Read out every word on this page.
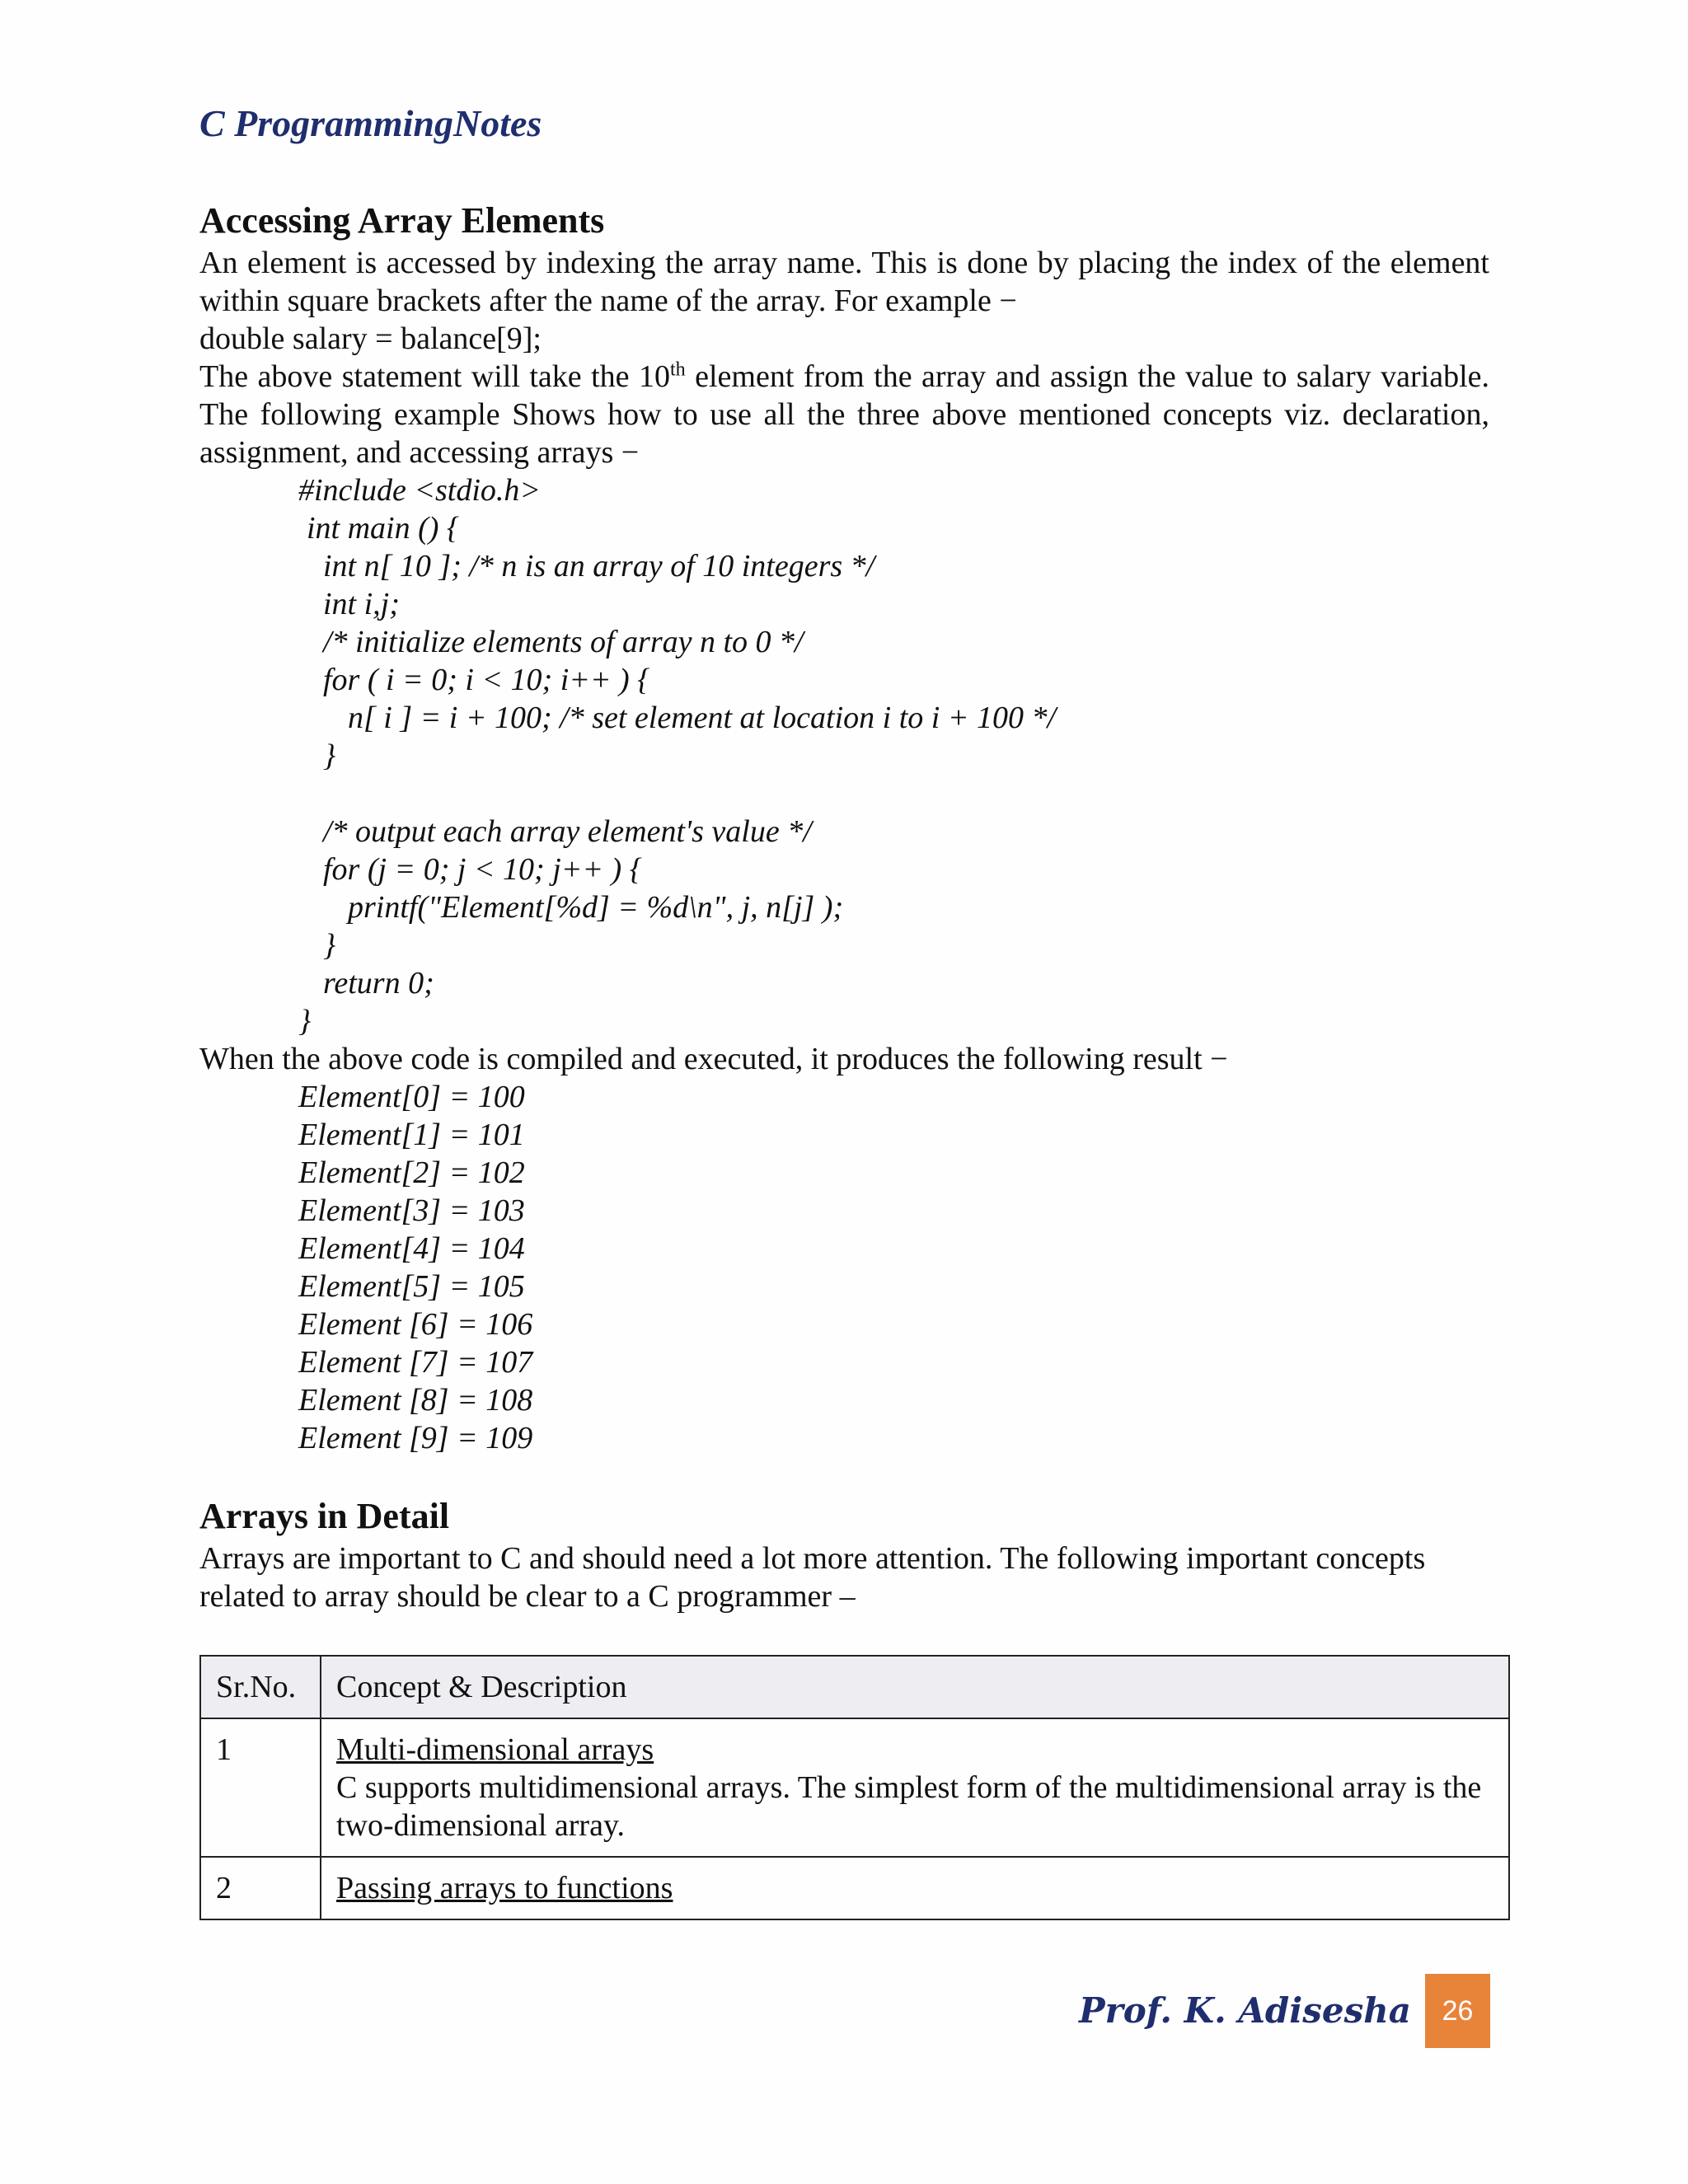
C ProgrammingNotes
Accessing Array Elements

An element is accessed by indexing the array name. This is done by placing the index of the element within square brackets after the name of the array. For example −

double salary = balance[9];

The above statement will take the 10th element from the array and assign the value to salary variable. The following example Shows how to use all the three above mentioned concepts viz. declaration, assignment, and accessing arrays −

#include <stdio.h>
int main () {
int n[ 10 ]; /* n is an array of 10 integers */
int i,j;
/* initialize elements of array n to 0 */
for ( i = 0; i < 10; i++ ) {
n[ i ] = i + 100; /* set element at location i to i + 100 */
}
/* output each array element's value */
for (j = 0; j < 10; j++ ) {
printf("Element[%d] = %d\n", j, n[j] );
}
return 0;
}

When the above code is compiled and executed, it produces the following result −

Element[0] = 100
Element[1] = 101
Element[2] = 102
Element[3] = 103
Element[4] = 104
Element[5] = 105
Element [6] = 106
Element [7] = 107
Element [8] = 108
Element [9] = 109
Arrays in Detail

Arrays are important to C and should need a lot more attention. The following important concepts related to array should be clear to a C programmer –

Sr.No.	Concept & Description
1	Multi-dimensional arrays
C supports multidimensional arrays. The simplest form of the multidimensional array is the two-dimensional array.
2	Passing arrays to functions
Prof. K. Adisesha	26
